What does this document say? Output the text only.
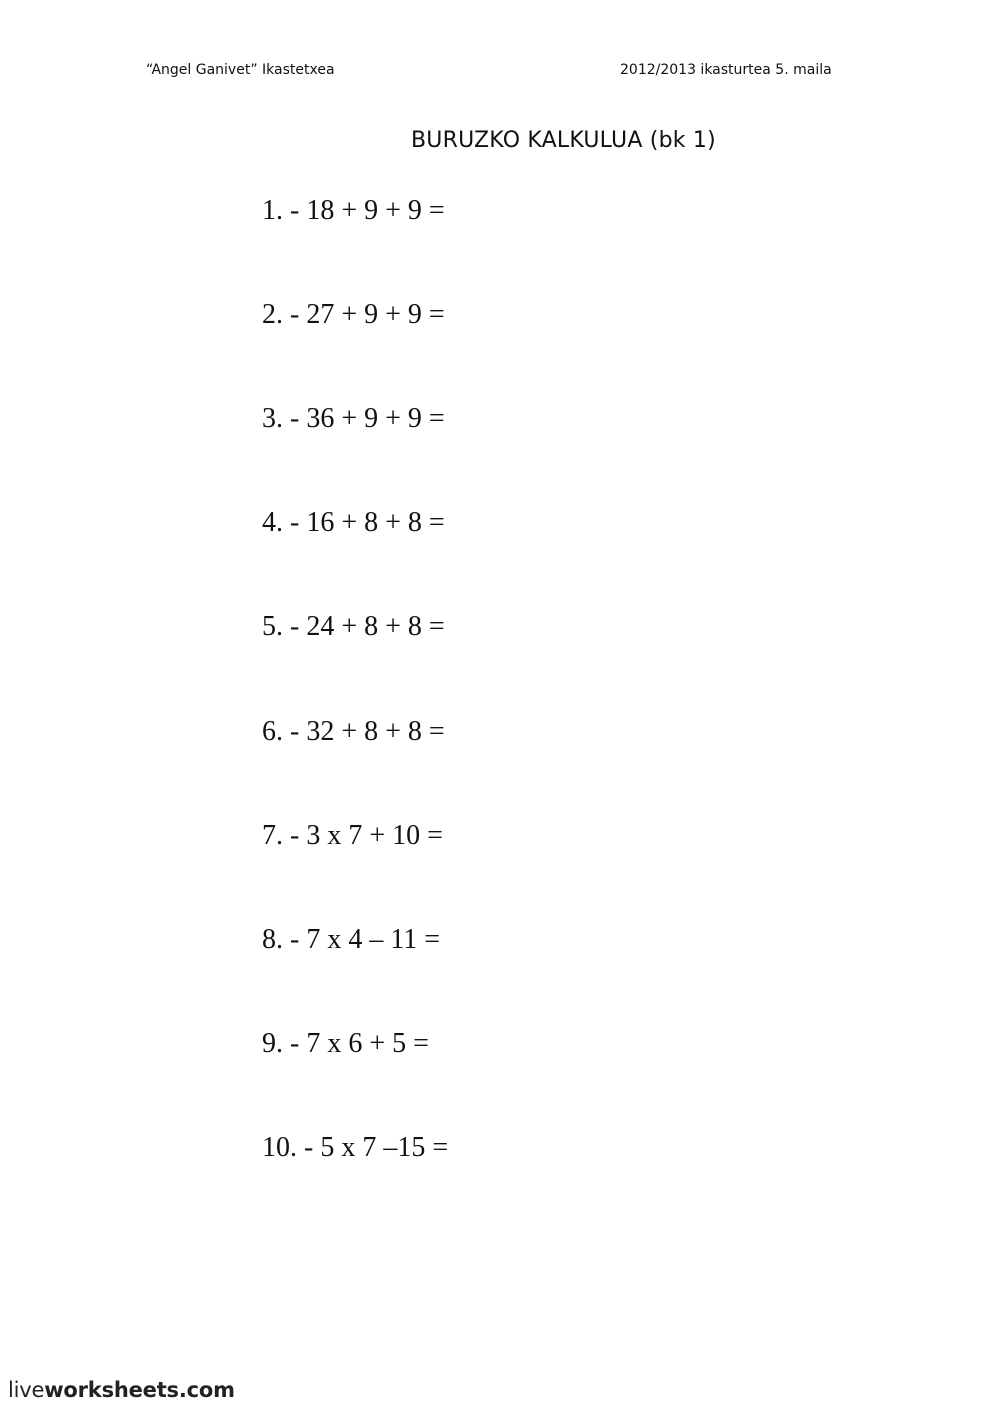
“Angel Ganivet” Ikastetxea	2012/2013 ikasturtea 5. maila
BURUZKO KALKULUA (bk 1)
1. - 18 + 9 + 9 =
2. - 27 + 9 + 9 =
3. - 36 + 9 + 9 =
4. - 16 + 8 + 8 =
5. - 24 + 8 + 8 =
6. - 32 + 8 + 8 =
7. - 3 x 7 + 10 =
8. - 7 x 4 – 11 =
9. - 7 x 6 + 5 =
10. - 5 x 7 –15 =
liveworksheets.com
